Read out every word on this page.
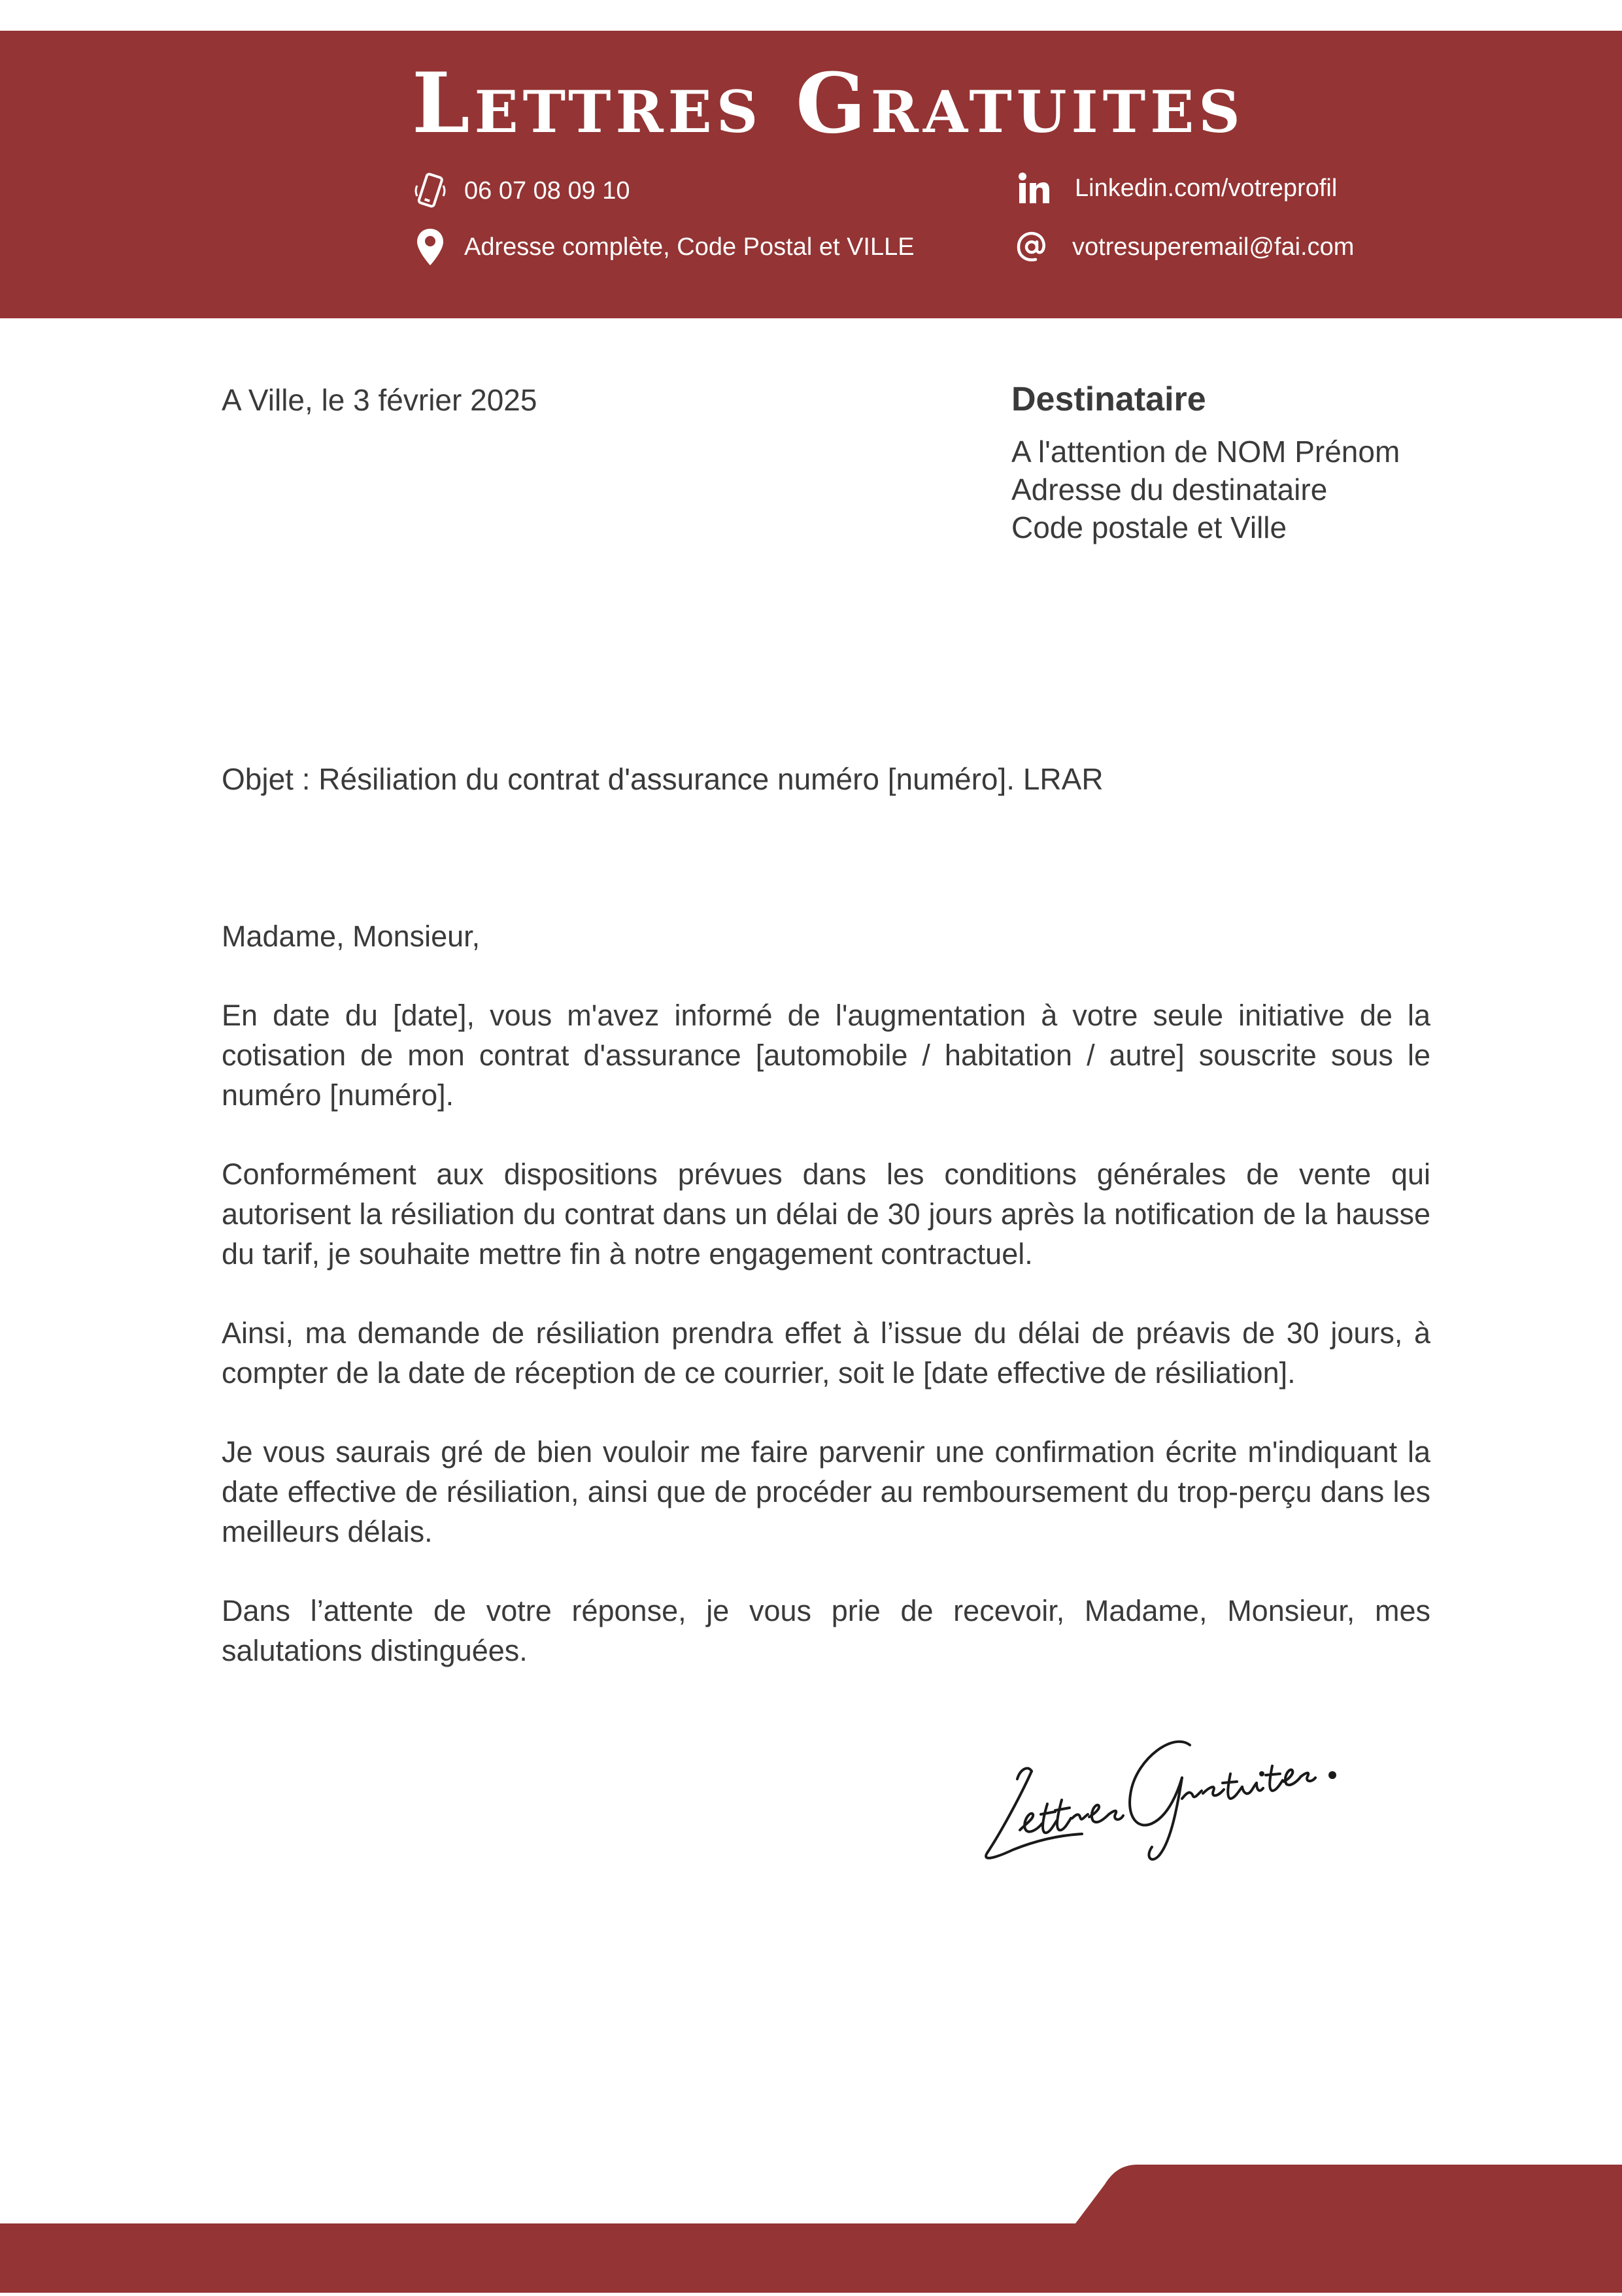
Lettres Gratuites
06 07 08 09 10
Adresse complète, Code Postal et VILLE
Linkedin.com/votreprofil
votresuperemail@fai.com
A Ville, le 3 février 2025	Destinataire
A l'attention de NOM Prénom
Adresse du destinataire
Code postale et Ville
Objet : Résiliation du contrat d'assurance numéro [numéro]. LRAR

Madame, Monsieur,

En date du [date], vous m'avez informé de l'augmentation à votre seule initiative de la cotisation de mon contrat d'assurance [automobile / habitation / autre] souscrite sous le numéro [numéro].

Conformément aux dispositions prévues dans les conditions générales de vente qui autorisent la résiliation du contrat dans un délai de 30 jours après la notification de la hausse du tarif, je souhaite mettre fin à notre engagement contractuel.

Ainsi, ma demande de résiliation prendra effet à l’issue du délai de préavis de 30 jours, à compter de la date de réception de ce courrier, soit le [date effective de résiliation].

Je vous saurais gré de bien vouloir me faire parvenir une confirmation écrite m'indiquant la date effective de résiliation, ainsi que de procéder au remboursement du trop-perçu dans les meilleurs délais.

Dans l’attente de votre réponse, je vous prie de recevoir, Madame, Monsieur, mes salutations distinguées.
